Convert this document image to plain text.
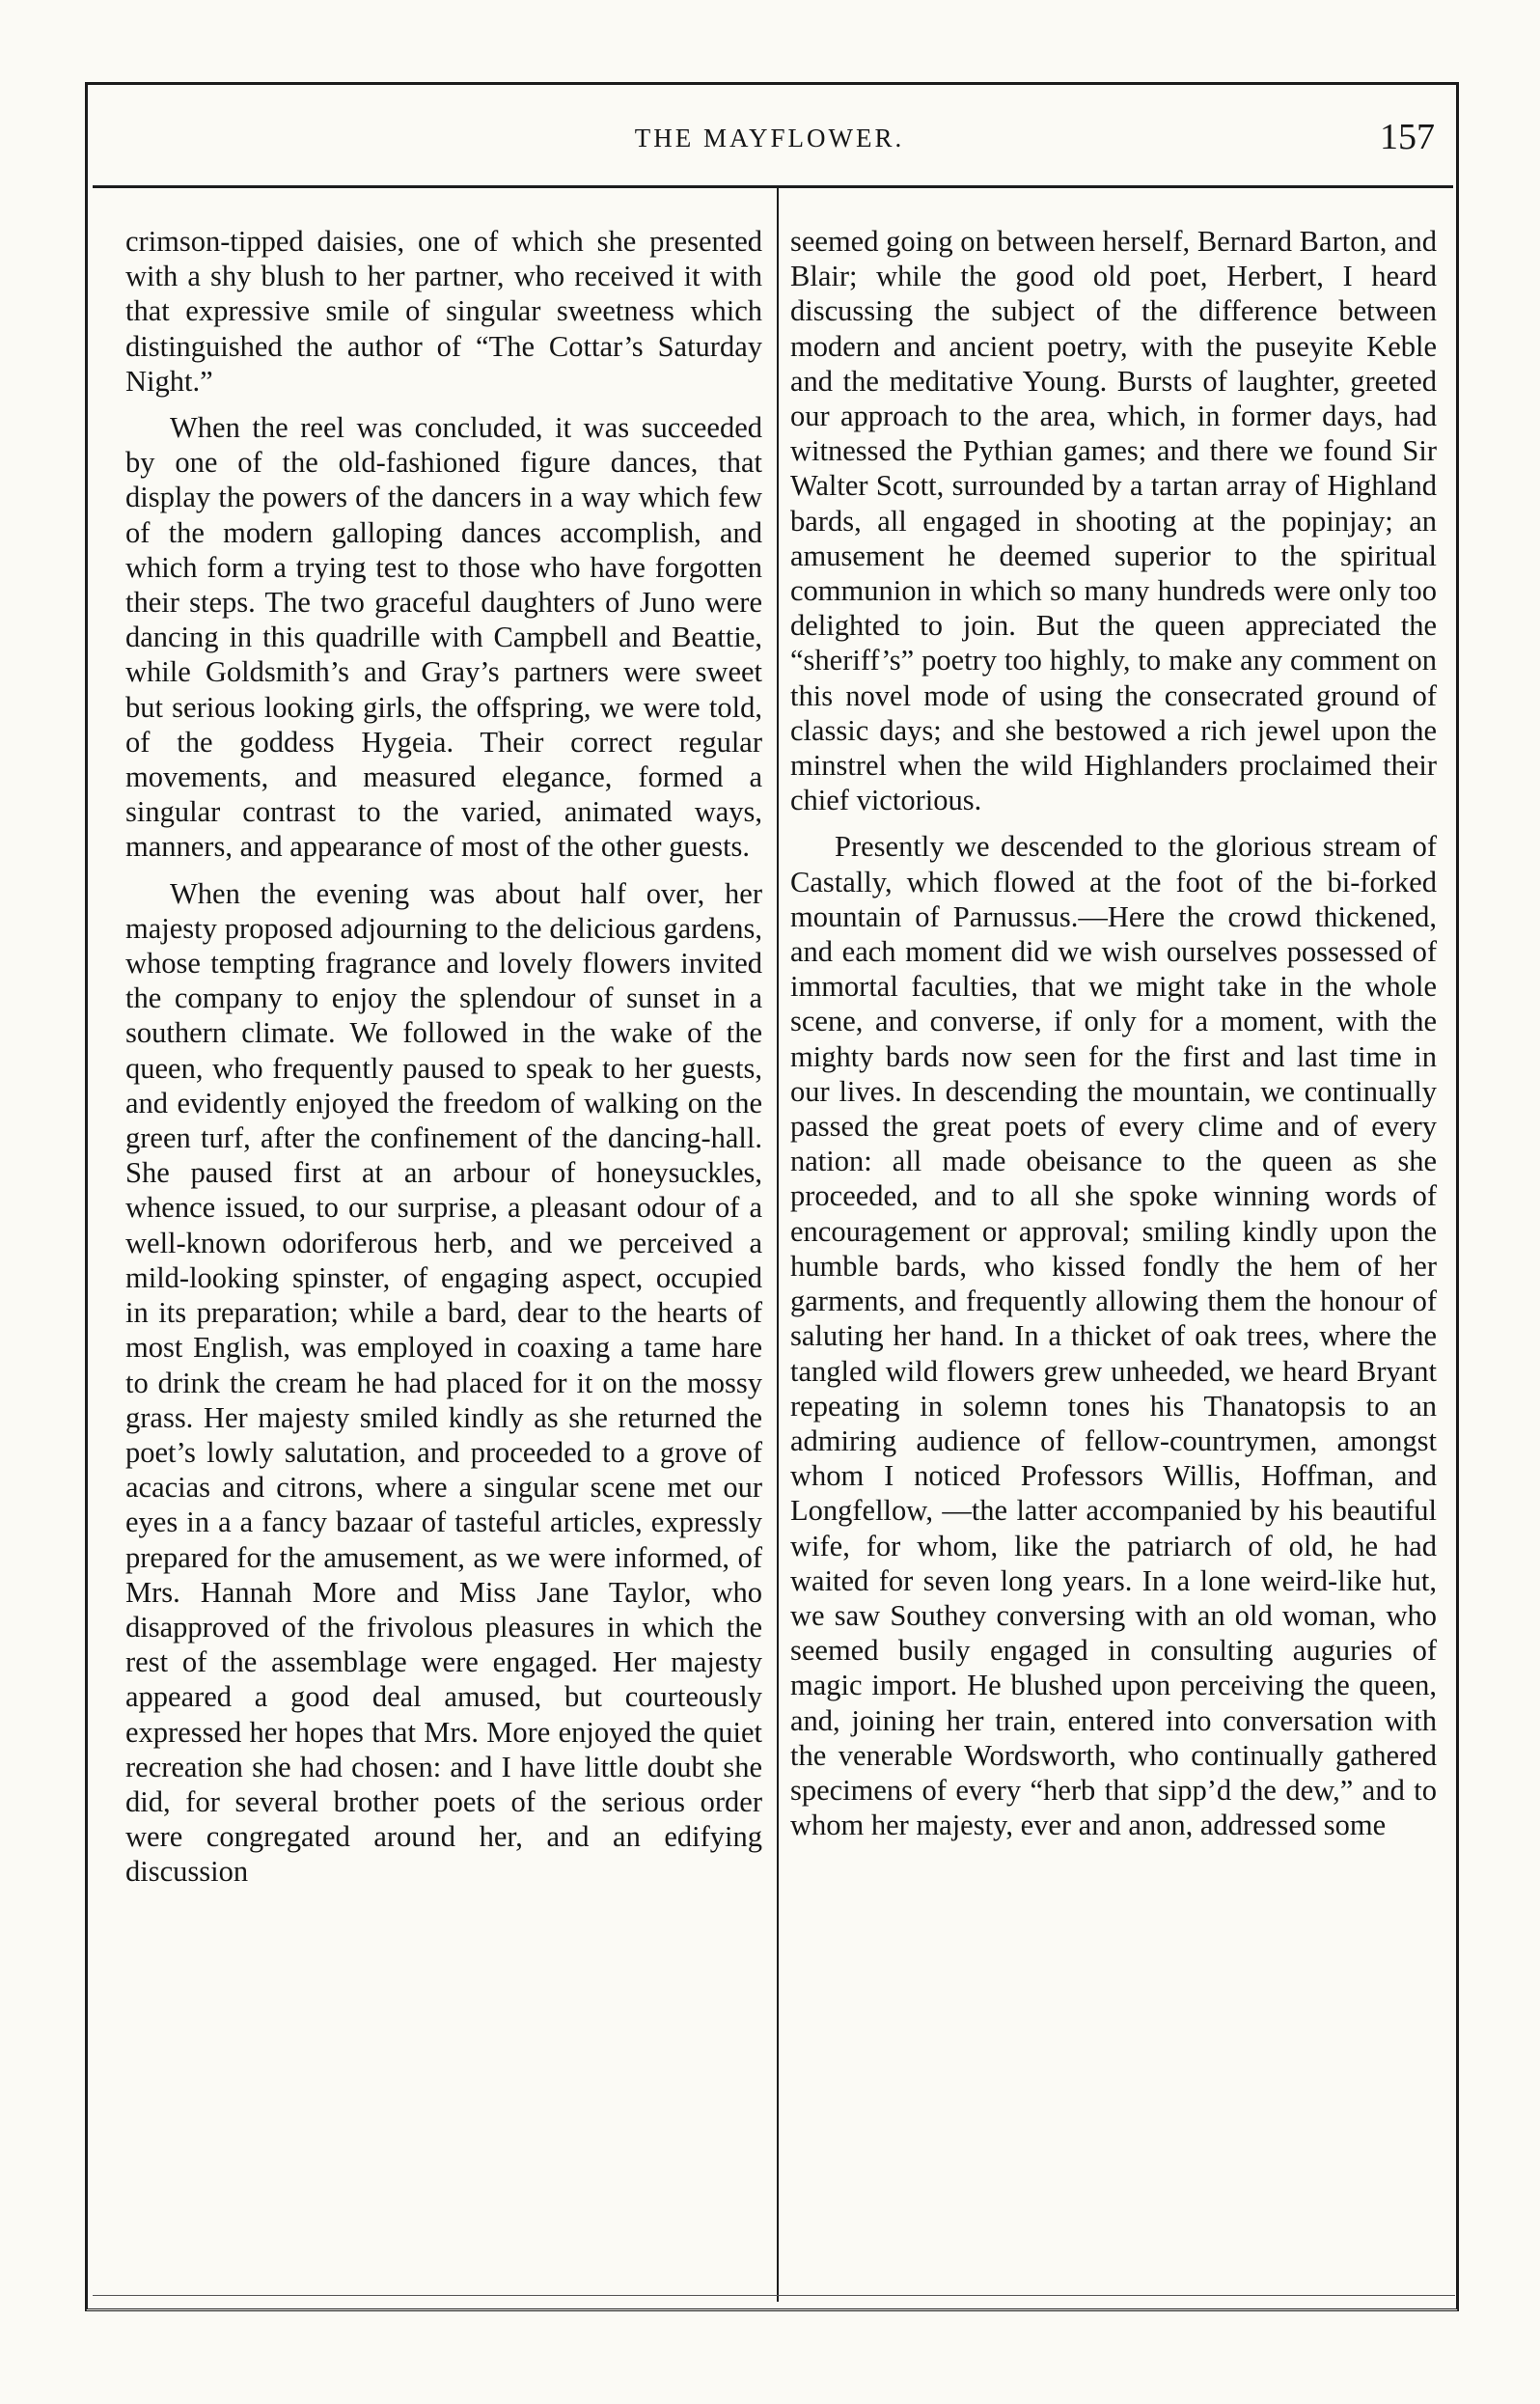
THE MAYFLOWER.	157

crimson-tipped daisies, one of which she presented with a shy blush to her partner, who received it with that expressive smile of singular sweetness which distinguished the author of “The Cottar’s Saturday Night.”

When the reel was concluded, it was succeeded by one of the old-fashioned figure dances, that display the powers of the dancers in a way which few of the modern galloping dances accomplish, and which form a trying test to those who have forgotten their steps. The two graceful daughters of Juno were dancing in this quadrille with Campbell and Beattie, while Goldsmith’s and Gray’s partners were sweet but serious looking girls, the offspring, we were told, of the goddess Hygeia. Their correct regular movements, and measured elegance, formed a singular contrast to the varied, animated ways, manners, and appearance of most of the other guests.

When the evening was about half over, her majesty proposed adjourning to the delicious gardens, whose tempting fragrance and lovely flowers invited the company to enjoy the splendour of sunset in a southern climate. We followed in the wake of the queen, who frequently paused to speak to her guests, and evidently enjoyed the freedom of walking on the green turf, after the confinement of the dancing-hall. She paused first at an arbour of honeysuckles, whence issued, to our surprise, a pleasant odour of a well-known odoriferous herb, and we perceived a mild-looking spinster, of engaging aspect, occupied in its preparation; while a bard, dear to the hearts of most English, was employed in coaxing a tame hare to drink the cream he had placed for it on the mossy grass. Her majesty smiled kindly as she returned the poet’s lowly salutation, and proceeded to a grove of acacias and citrons, where a singular scene met our eyes in a a fancy bazaar of tasteful articles, expressly prepared for the amusement, as we were informed, of Mrs. Hannah More and Miss Jane Taylor, who disapproved of the frivolous pleasures in which the rest of the assemblage were engaged. Her majesty appeared a good deal amused, but courteously expressed her hopes that Mrs. More enjoyed the quiet recreation she had chosen: and I have little doubt she did, for several brother poets of the serious order were congregated around her, and an edifying discussion

seemed going on between herself, Bernard Barton, and Blair; while the good old poet, Herbert, I heard discussing the subject of the difference between modern and ancient poetry, with the puseyite Keble and the meditative Young. Bursts of laughter, greeted our approach to the area, which, in former days, had witnessed the Pythian games; and there we found Sir Walter Scott, surrounded by a tartan array of Highland bards, all engaged in shooting at the popinjay; an amusement he deemed superior to the spiritual communion in which so many hundreds were only too delighted to join. But the queen appreciated the “sheriff’s” poetry too highly, to make any comment on this novel mode of using the consecrated ground of classic days; and she bestowed a rich jewel upon the minstrel when the wild Highlanders proclaimed their chief victorious.

Presently we descended to the glorious stream of Castally, which flowed at the foot of the bi-forked mountain of Parnussus.—Here the crowd thickened, and each moment did we wish ourselves possessed of immortal faculties, that we might take in the whole scene, and converse, if only for a moment, with the mighty bards now seen for the first and last time in our lives. In descending the mountain, we continually passed the great poets of every clime and of every nation: all made obeisance to the queen as she proceeded, and to all she spoke winning words of encouragement or approval; smiling kindly upon the humble bards, who kissed fondly the hem of her garments, and frequently allowing them the honour of saluting her hand. In a thicket of oak trees, where the tangled wild flowers grew unheeded, we heard Bryant repeating in solemn tones his Thanatopsis to an admiring audience of fellow-countrymen, amongst whom I noticed Professors Willis, Hoffman, and Longfellow, —the latter accompanied by his beautiful wife, for whom, like the patriarch of old, he had waited for seven long years. In a lone weird-like hut, we saw Southey conversing with an old woman, who seemed busily engaged in consulting auguries of magic import. He blushed upon perceiving the queen, and, joining her train, entered into conversation with the venerable Wordsworth, who continually gathered specimens of every “herb that sipp’d the dew,” and to whom her majesty, ever and anon, addressed some
